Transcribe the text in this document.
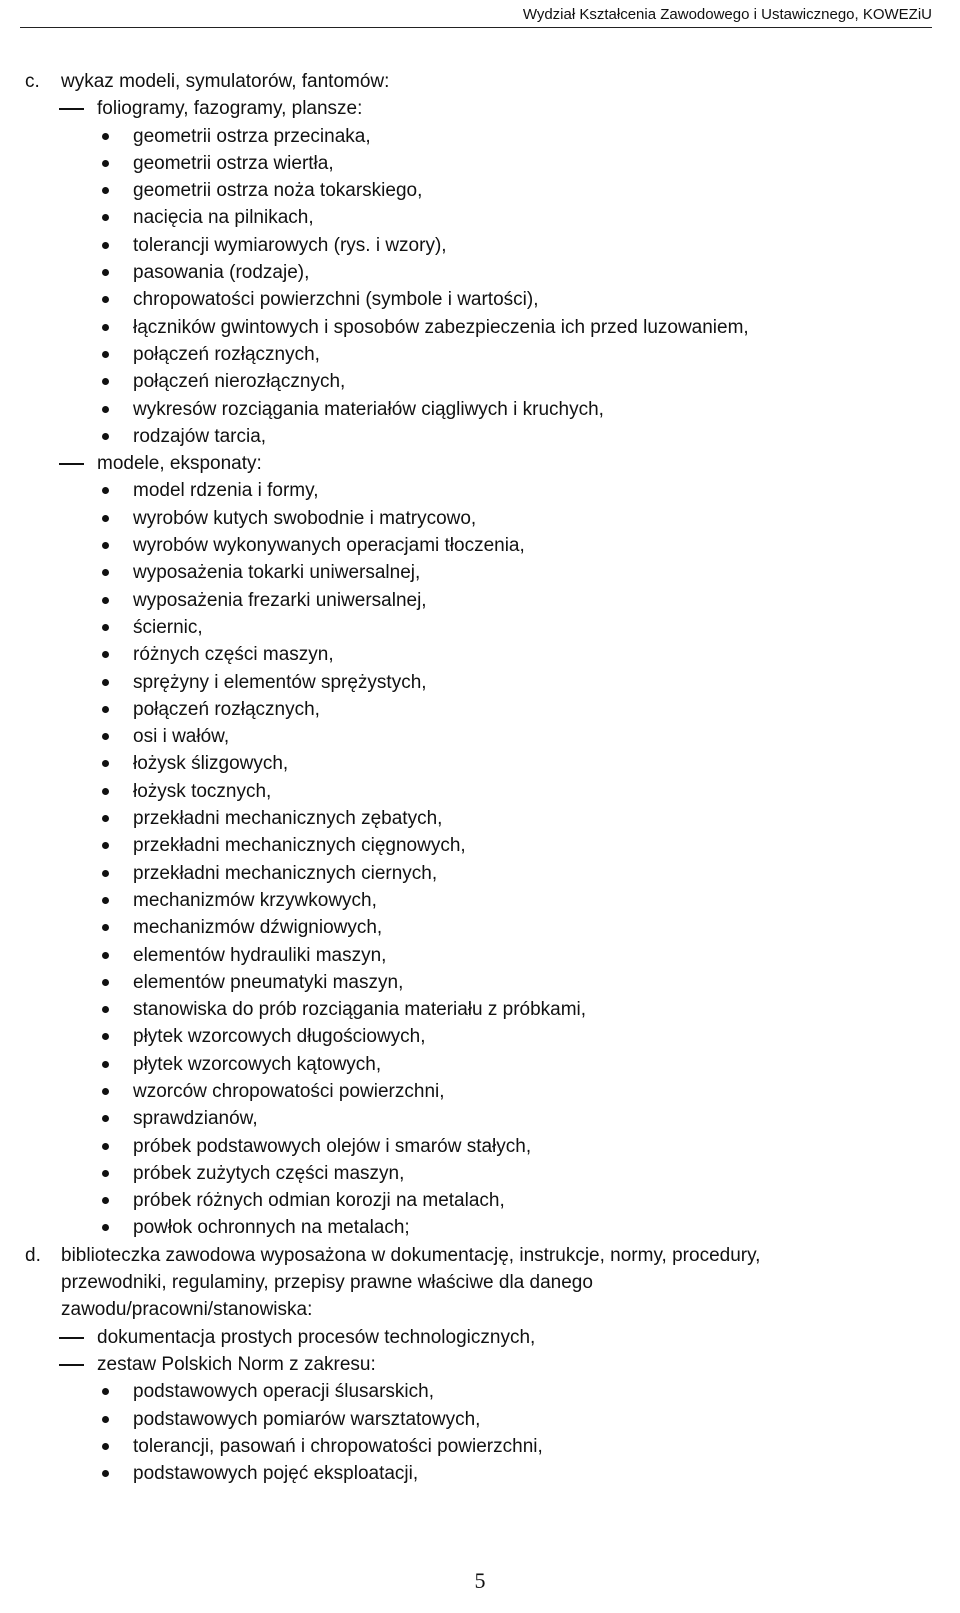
Wydział Kształcenia Zawodowego i Ustawicznego, KOWEZiU
c. wykaz modeli, symulatorów, fantomów:
foliogramy, fazogramy, plansze:
geometrii ostrza przecinaka,
geometrii ostrza wiertła,
geometrii ostrza noża tokarskiego,
nacięcia na pilnikach,
tolerancji wymiarowych (rys. i wzory),
pasowania (rodzaje),
chropowatości powierzchni (symbole i wartości),
łączników gwintowych i sposobów zabezpieczenia ich przed luzowaniem,
połączeń rozłącznych,
połączeń nierozłącznych,
wykresów rozciągania materiałów ciągliwych i kruchych,
rodzajów tarcia,
modele, eksponaty:
model rdzenia i formy,
wyrobów kutych swobodnie i matrycowo,
wyrobów wykonywanych operacjami tłoczenia,
wyposażenia tokarki uniwersalnej,
wyposażenia frezarki uniwersalnej,
ściernic,
różnych części maszyn,
sprężyny i elementów sprężystych,
połączeń rozłącznych,
osi i wałów,
łożysk ślizgowych,
łożysk tocznych,
przekładni mechanicznych zębatych,
przekładni mechanicznych cięgnowych,
przekładni mechanicznych ciernych,
mechanizmów krzywkowych,
mechanizmów dźwigniowych,
elementów hydrauliki maszyn,
elementów pneumatyki maszyn,
stanowiska do prób rozciągania materiału z próbkami,
płytek wzorcowych długościowych,
płytek wzorcowych kątowych,
wzorców chropowatości powierzchni,
sprawdzianów,
próbek podstawowych olejów i smarów stałych,
próbek zużytych części maszyn,
próbek różnych odmian korozji na metalach,
powłok ochronnych na metalach;
d. biblioteczka zawodowa wyposażona w dokumentację, instrukcje, normy, procedury,
przewodniki, regulaminy, przepisy prawne właściwe dla danego
zawodu/pracowni/stanowiska:
dokumentacja prostych procesów technologicznych,
zestaw Polskich Norm z zakresu:
podstawowych operacji ślusarskich,
podstawowych pomiarów warsztatowych,
tolerancji, pasowań i chropowatości powierzchni,
podstawowych pojęć eksploatacji,
5
